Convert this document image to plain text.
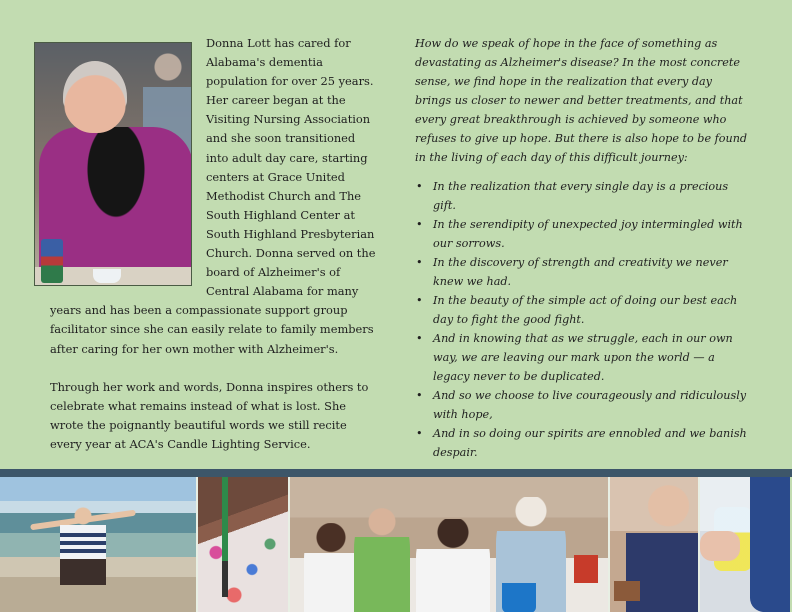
Donna Lott has cared for Alabama's dementia population for over 25 years. Her career began at the Visiting Nursing Association and she soon transitioned into adult day care, starting centers at Grace United Methodist Church and The South Highland Center at South Highland Presbyterian Church. Donna served on the board of Alzheimer's of Central Alabama for many years and has been a compassionate support group facilitator since she can easily relate to family members after caring for her own mother with Alzheimer's.

Through her work and words, Donna inspires others to celebrate what remains instead of what is lost. She wrote the poignantly beautiful words we still recite every year at ACA's Candle Lighting Service.

How do we speak of hope in the face of something as devastating as Alzheimer's disease? In the most concrete sense, we find hope in the realization that every day brings us closer to newer and better treatments, and that every great breakthrough is achieved by someone who refuses to give up hope. But there is also hope to be found in the living of each day of this difficult journey:

• In the realization that every single day is a precious gift.
• In the serendipity of unexpected joy intermingled with our sorrows.
• In the discovery of strength and creativity we never knew we had.
• In the beauty of the simple act of doing our best each day to fight the good fight.
• And in knowing that as we struggle, each in our own way, we are leaving our mark upon the world — a legacy never to be duplicated.
• And so we choose to live courageously and ridiculously with hope,
• And in so doing our spirits are ennobled and we banish despair.
